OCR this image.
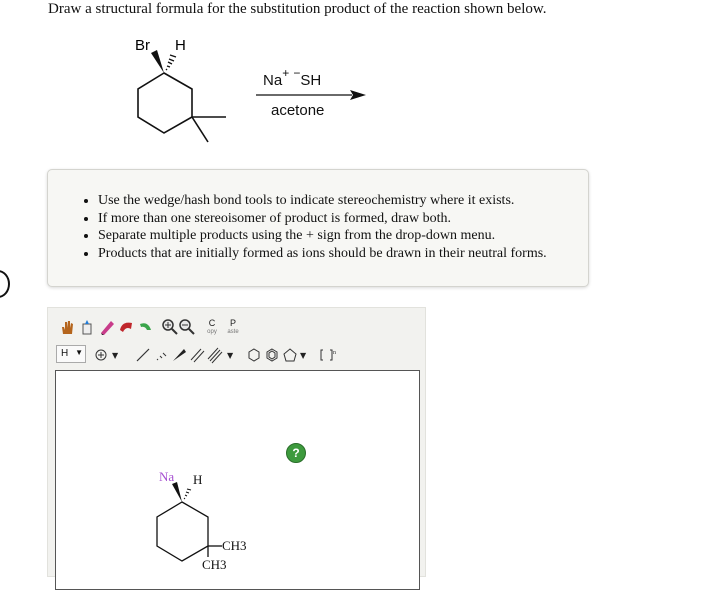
Draw a structural formula for the substitution product of the reaction shown below.
Br H
Na+ −SH
acetone
• Use the wedge/hash bond tools to indicate stereochemistry where it exists.
• If more than one stereoisomer of product is formed, draw both.
• Separate multiple products using the + sign from the drop-down menu.
• Products that are initially formed as ions should be drawn in their neutral forms.
C
opy
P
aste
H ▼	▼	▼	▼	n
?
Na H
CH3
CH3
